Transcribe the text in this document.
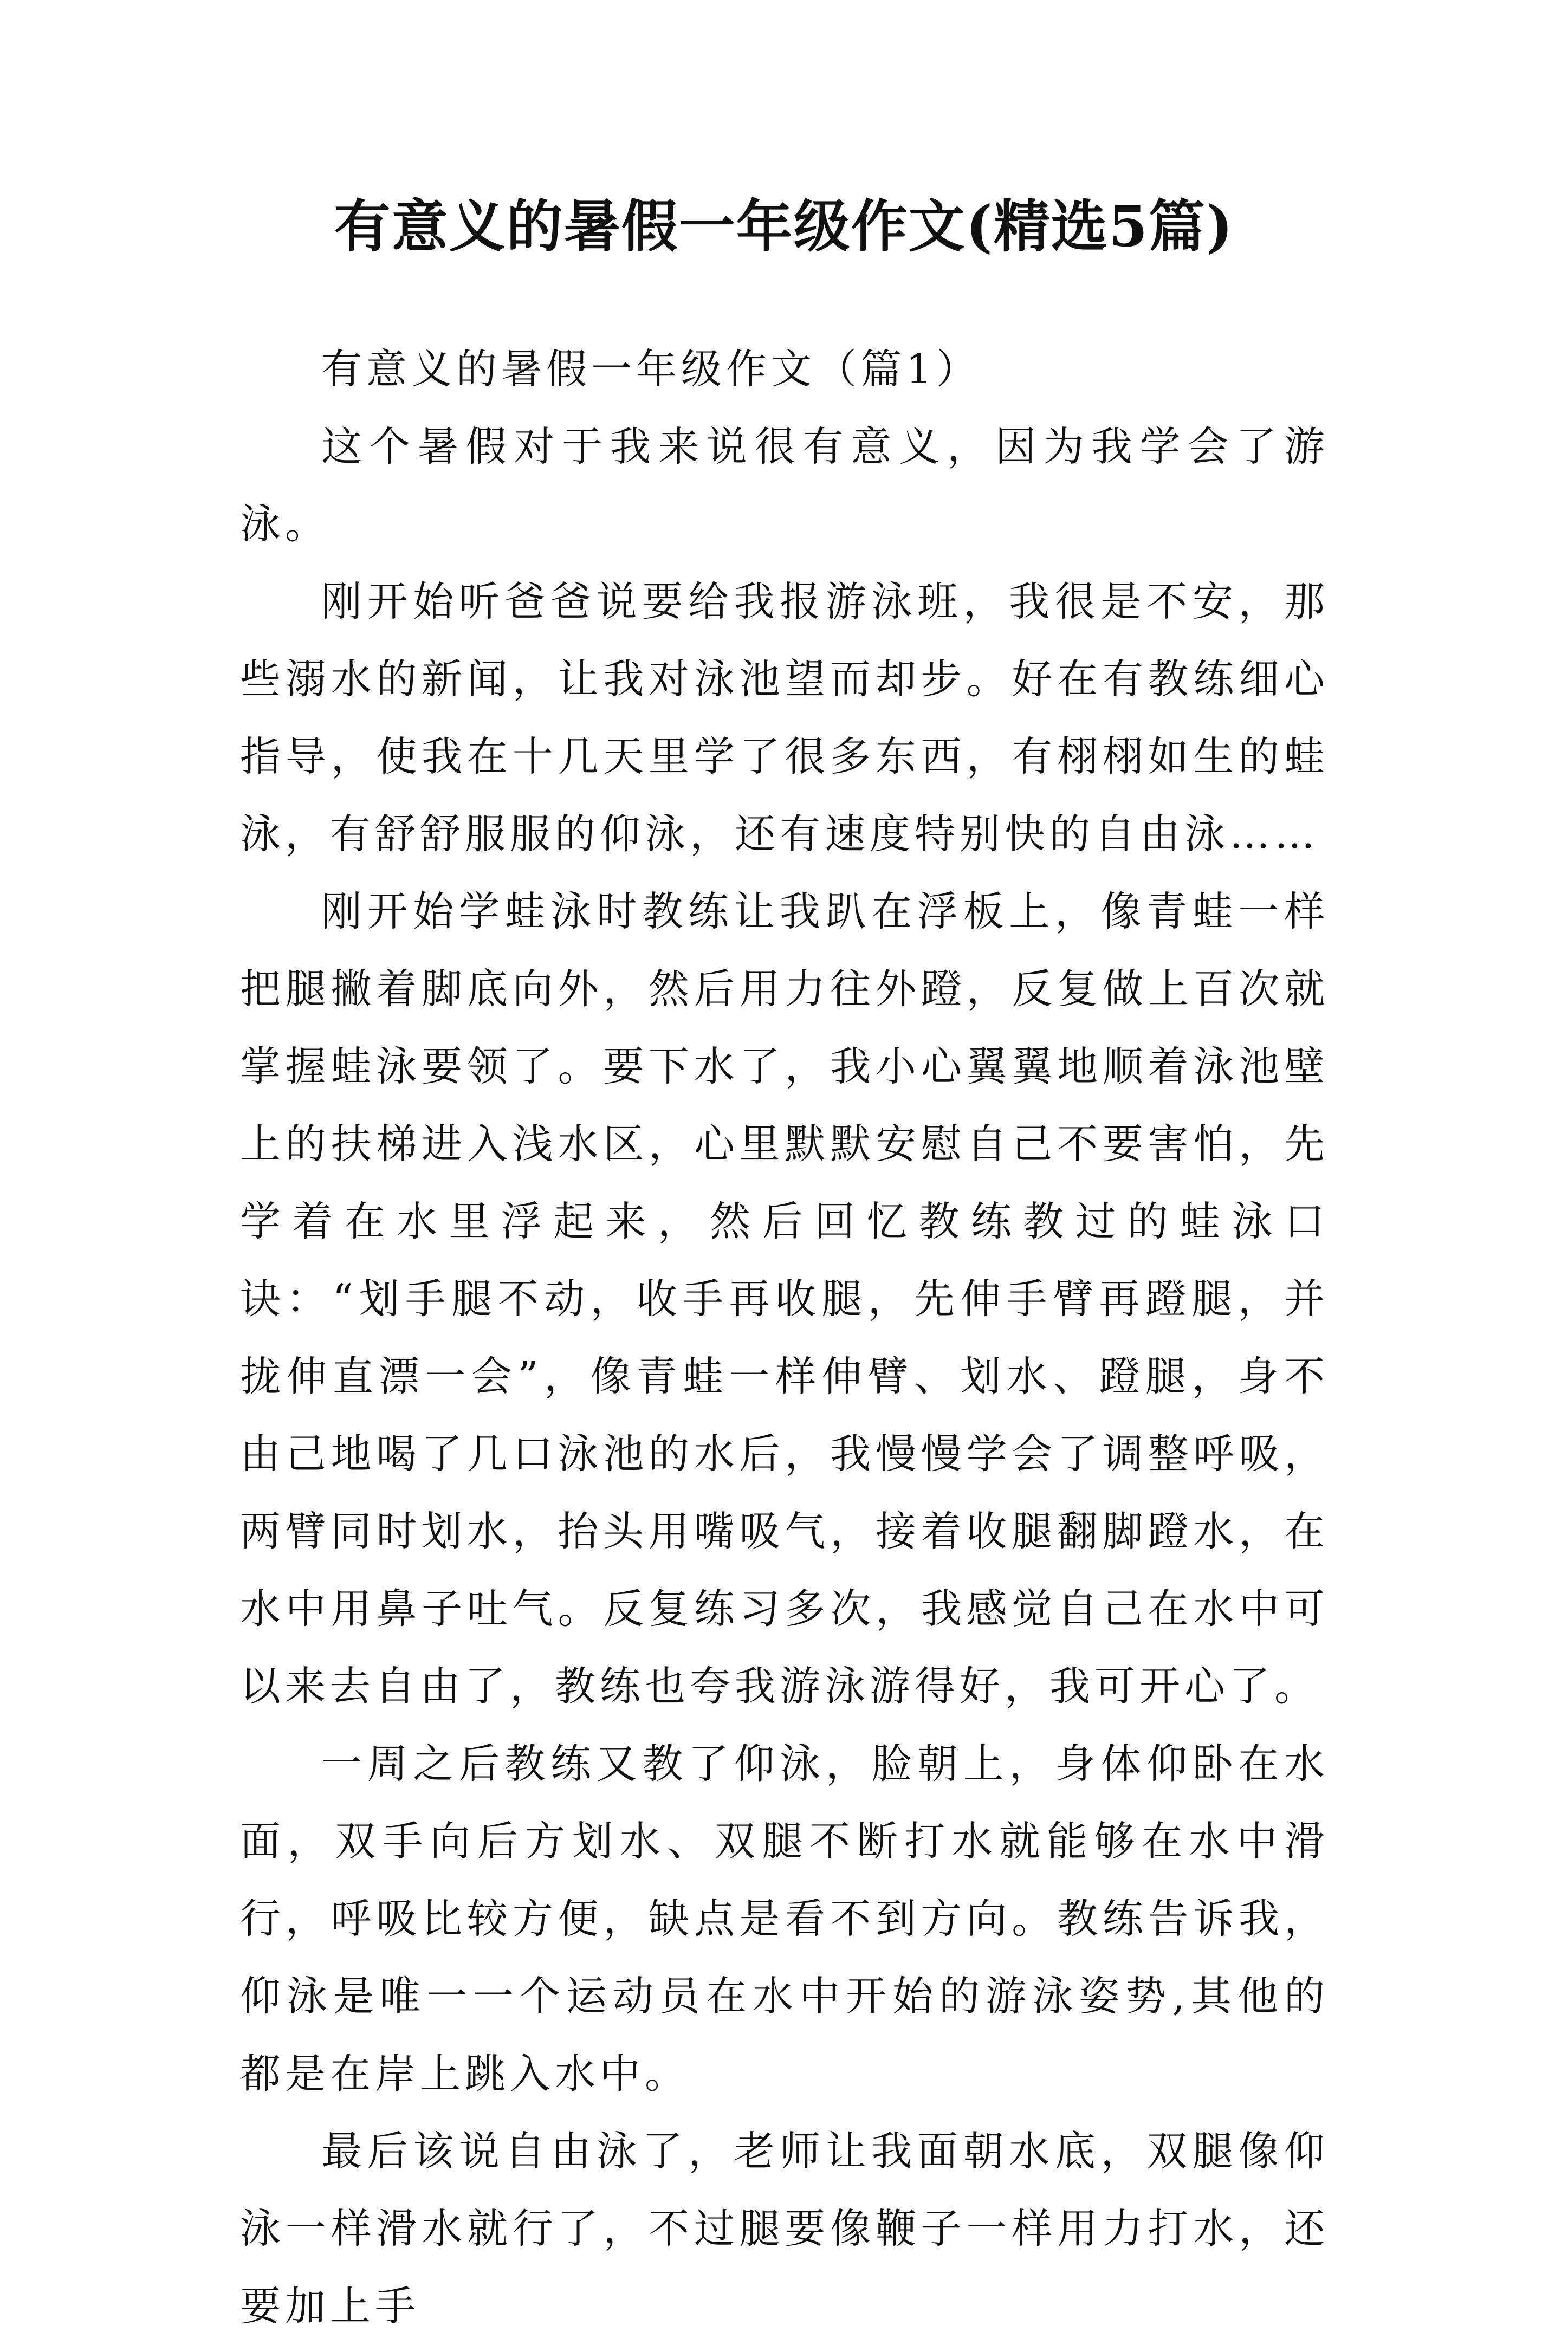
有意义的暑假一年级作文(精选5篇)

有意义的暑假一年级作文（篇1）

这个暑假对于我来说很有意义，因为我学会了游泳。

刚开始听爸爸说要给我报游泳班，我很是不安，那些溺水的新闻，让我对泳池望而却步。好在有教练细心指导，使我在十几天里学了很多东西，有栩栩如生的蛙泳，有舒舒服服的仰泳，还有速度特别快的自由泳……

刚开始学蛙泳时教练让我趴在浮板上，像青蛙一样把腿撇着脚底向外，然后用力往外蹬，反复做上百次就掌握蛙泳要领了。要下水了，我小心翼翼地顺着泳池壁上的扶梯进入浅水区，心里默默安慰自己不要害怕，先学着在水里浮起来，然后回忆教练教过的蛙泳口诀：“划手腿不动，收手再收腿，先伸手臂再蹬腿，并拢伸直漂一会”，像青蛙一样伸臂、划水、蹬腿，身不由己地喝了几口泳池的水后，我慢慢学会了调整呼吸，两臂同时划水，抬头用嘴吸气，接着收腿翻脚蹬水，在水中用鼻子吐气。反复练习多次，我感觉自己在水中可以来去自由了，教练也夸我游泳游得好，我可开心了。

一周之后教练又教了仰泳，脸朝上，身体仰卧在水面，双手向后方划水、双腿不断打水就能够在水中滑行，呼吸比较方便，缺点是看不到方向。教练告诉我，仰泳是唯一一个运动员在水中开始的游泳姿势,其他的都是在岸上跳入水中。

最后该说自由泳了，老师让我面朝水底，双腿像仰泳一样滑水就行了，不过腿要像鞭子一样用力打水，还要加上手
